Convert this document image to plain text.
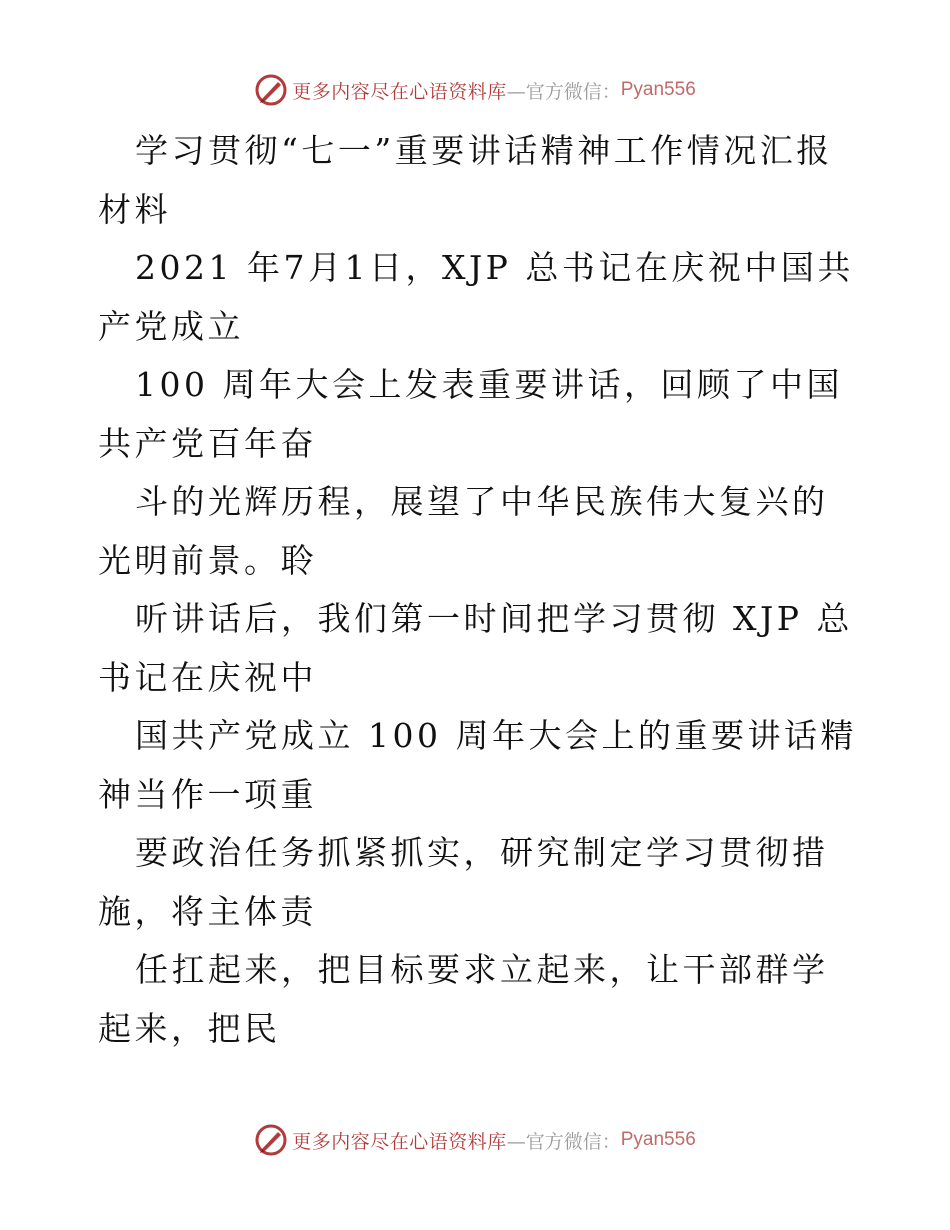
更多内容尽在心语资料库 —官方微信： Pyan556

学习贯彻“七一”重要讲话精神工作情况汇报材料

2021 年7月1日，XJP 总书记在庆祝中国共产党成立

100 周年大会上发表重要讲话，回顾了中国共产党百年奋

斗的光辉历程，展望了中华民族伟大复兴的光明前景。聆

听讲话后，我们第一时间把学习贯彻 XJP 总书记在庆祝中

国共产党成立 100 周年大会上的重要讲话精神当作一项重

要政治任务抓紧抓实，研究制定学习贯彻措施，将主体责

任扛起来，把目标要求立起来，让干部群学起来，把民

更多内容尽在心语资料库 —官方微信： Pyan556
